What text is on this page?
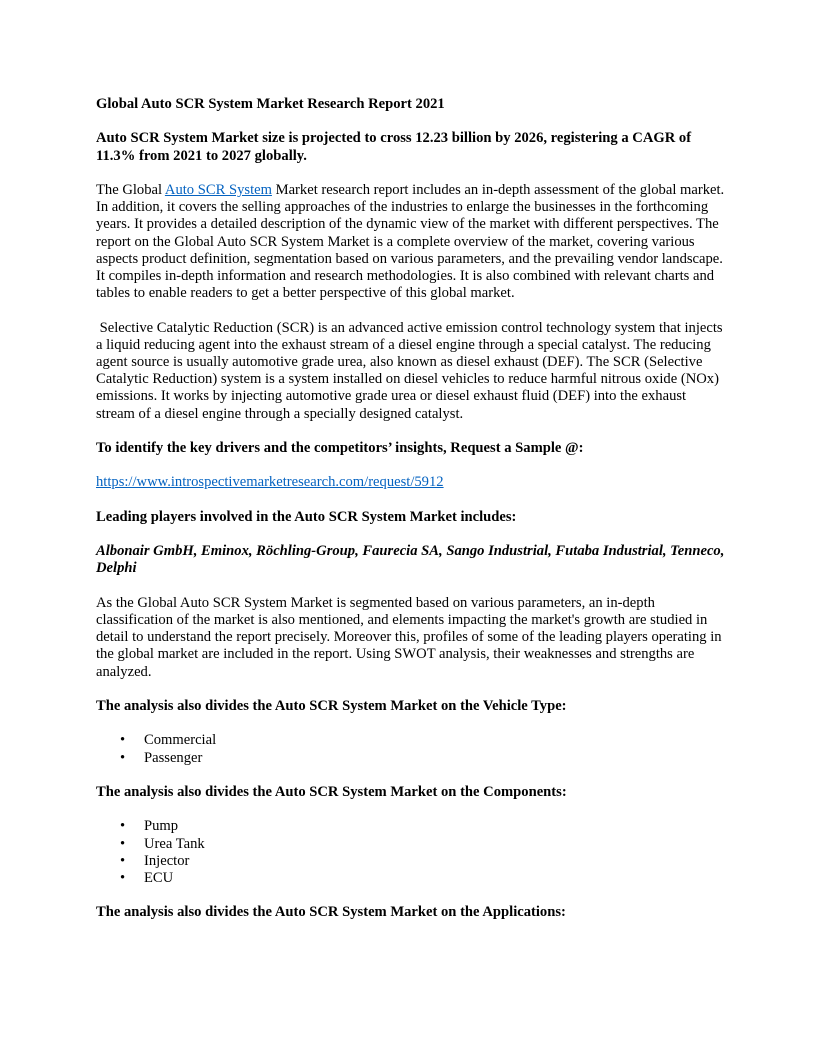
Global Auto SCR System Market Research Report 2021

Auto SCR System Market size is projected to cross 12.23 billion by 2026, registering a CAGR of 11.3% from 2021 to 2027 globally.

The Global Auto SCR System Market research report includes an in-depth assessment of the global market. In addition, it covers the selling approaches of the industries to enlarge the businesses in the forthcoming years. It provides a detailed description of the dynamic view of the market with different perspectives. The report on the Global Auto SCR System Market is a complete overview of the market, covering various aspects product definition, segmentation based on various parameters, and the prevailing vendor landscape. It compiles in-depth information and research methodologies. It is also combined with relevant charts and tables to enable readers to get a better perspective of this global market.

Selective Catalytic Reduction (SCR) is an advanced active emission control technology system that injects a liquid reducing agent into the exhaust stream of a diesel engine through a special catalyst. The reducing agent source is usually automotive grade urea, also known as diesel exhaust (DEF). The SCR (Selective Catalytic Reduction) system is a system installed on diesel vehicles to reduce harmful nitrous oxide (NOx) emissions. It works by injecting automotive grade urea or diesel exhaust fluid (DEF) into the exhaust stream of a diesel engine through a specially designed catalyst.

To identify the key drivers and the competitors’ insights, Request a Sample @:

https://www.introspectivemarketresearch.com/request/5912

Leading players involved in the Auto SCR System Market includes:

Albonair GmbH, Eminox, Röchling-Group, Faurecia SA, Sango Industrial, Futaba Industrial, Tenneco, Delphi

As the Global Auto SCR System Market is segmented based on various parameters, an in-depth classification of the market is also mentioned, and elements impacting the market's growth are studied in detail to understand the report precisely. Moreover this, profiles of some of the leading players operating in the global market are included in the report. Using SWOT analysis, their weaknesses and strengths are analyzed.

The analysis also divides the Auto SCR System Market on the Vehicle Type:

• Commercial
• Passenger

The analysis also divides the Auto SCR System Market on the Components:

• Pump
• Urea Tank
• Injector
• ECU

The analysis also divides the Auto SCR System Market on the Applications:
